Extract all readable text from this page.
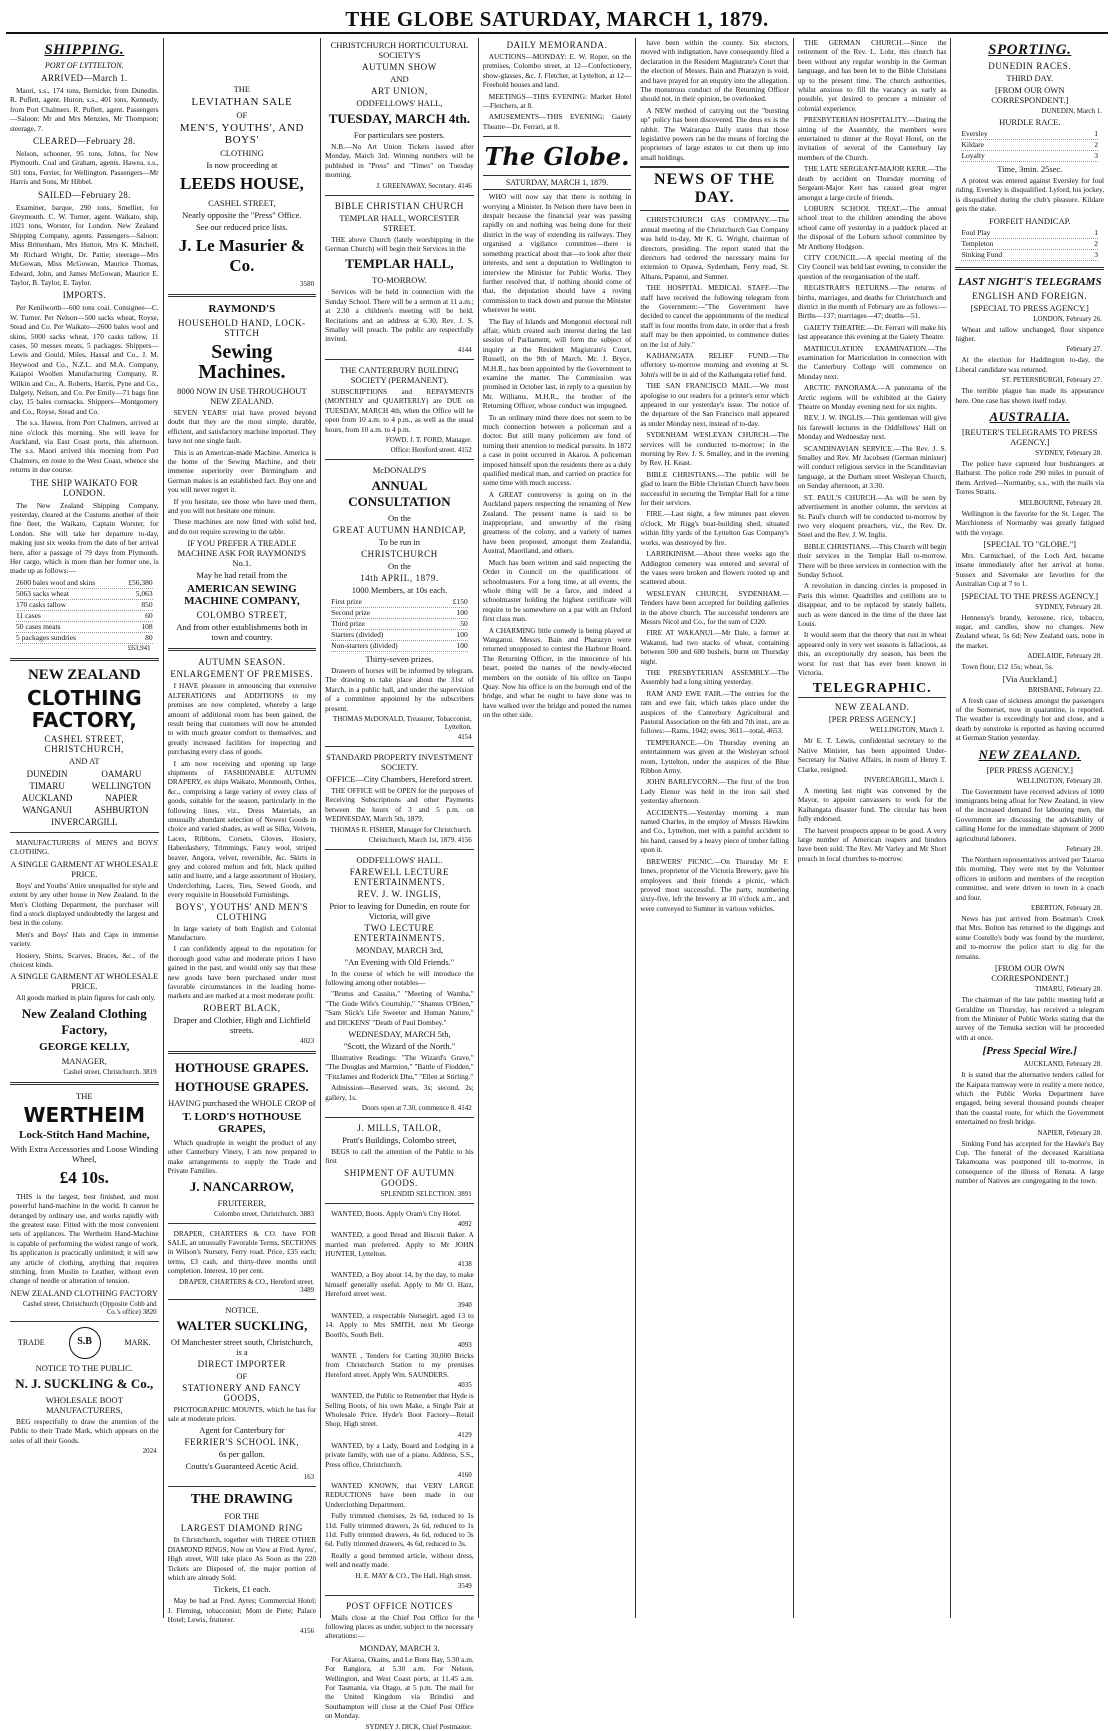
THE GLOBE SATURDAY, MARCH 1, 1879.
SHIPPING.
PORT OF LYTTELTON.
ARRIVED—March 1.

Maori, s.s., 174 tons, Bernicke, from Dunedin. R. Puflett, agent. Huron, s.s., 401 tons, Kennedy, from Port Chalmers. R. Puflett, agent. Passengers—Saloon: Mr and Mrs Menzies, Mr Thompson; steerage, 7.

CLEARED—February 28.

Nelson, schooner, 95 tons, Johns, for New Plymouth. Coal and Graham, agents. Hawea, s.s., 501 tons, Ferrier, for Wellington. Passengers—Mr Harris and Sons, Mr Hibbel.

SAILED—February 28.

Examiner, barque, 290 tons, Smellier, for Greymouth. C. W. Turner, agent. Waikato, ship, 1021 tons, Worster, for London. New Zealand Shipping Company, agents. Passengers—Saloon: Miss Brittenham, Mrs Hutton, Mrs K. Mitchell, Mr Richard Wright, Dr. Pattie; steerage—Mrs McGowan, Miss McGowan, Maurice Thomas, Edward, John, and James McGowan, Maurice E. Taylor, B. Taylor, E. Taylor.

IMPORTS.

Per Kenilworth—600 tons coal. Consignee—C. W. Turner. Per Nelson—500 sacks wheat, Royse, Stead and Co. Per Waikato—2600 bales wool and skins, 5000 sacks wheat, 170 casks tallow, 11 cases, 50 messes meats, 5 packages. Shippers—Lewis and Gould, Miles, Hassal and Co., J. M. Heywood and Co., N.Z.L. and M.A. Company, Kaiapoi Woollen Manufacturing Company, R. Wilkin and Co., A. Roberts, Harris, Pyne and Co., Dalgety, Nelson, and Co. Per Emily—71 bags fine clay, 15 bales cornsacks. Shippers—Montgomery and Co., Royse, Stead and Co.

The s.s. Hawea, from Port Chalmers, arrived at nine o'clock this morning. She will leave for Auckland, via East Coast ports, this afternoon. The s.s. Maori arrived this morning from Port Chalmers, en route to the West Coast, whence she returns in due course.

THE SHIP WAIKATO FOR LONDON.

The New Zealand Shipping Company, yesterday, cleared at the Customs another of their fine fleet, the Waikato, Captain Worster, for London. She will take her departure to-day, making just six weeks from the date of her arrival here, after a passage of 79 days from Plymouth. Her cargo, which is more than her former one, is made up as follows:—

2600 bales wool and skins	£56,380
5063 sacks wheat	5,063
170 casks tallow	850
11 cases	60
50 cases meats	108
5 packages sundries	80
£63,941
NEW ZEALAND
CLOTHING FACTORY,
CASHEL STREET, CHRISTCHURCH,
AND AT
DUNEDIN	OAMARU
TIMARU	WELLINGTON
AUCKLAND	NAPIER
WANGANUI	ASHBURTON
INVERCARGILL

MANUFACTURERS of MEN'S and BOYS' CLOTHING.

A SINGLE GARMENT AT WHOLESALE PRICE.

Boys' and Youths' Attire unequalled for style and extent by any other house in New Zealand. In the Men's Clothing Department, the purchaser will find a stock displayed undoubtedly the largest and best in the colony.

Men's and Boys' Hats and Caps in immense variety.

Hosiery, Shirts, Scarves, Braces, &c., of the choicest kinds.

A SINGLE GARMENT AT WHOLESALE PRICE.

All goods marked in plain figures for cash only.

New Zealand Clothing Factory,
GEORGE KELLY,
MANAGER,
Cashel street, Christchurch. 3819
THE
WERTHEIM
Lock-Stitch Hand Machine,
With Extra Accessories and Loose Winding Wheel,
£4 10s.

THIS is the largest, best finished, and most powerful hand-machine in the world. It cannot be deranged by ordinary use, and works rapidly with the greatest ease. Fitted with the most convenient sets of appliances. The Wertheim Hand-Machine is capable of performing the widest range of work. Its application is practically unlimited; it will sew any article of clothing, anything that requires stitching, from Muslin to Leather, without even change of needle or alteration of tension.

NEW ZEALAND CLOTHING FACTORY
Cashel street, Christchurch (Opposite Cobb and Co.'s office) 3820
TRADE	S.B	MARK.
NOTICE TO THE PUBLIC.
N. J. SUCKLING & Co.,
WHOLESALE BOOT MANUFACTURERS,

BEG respectfully to draw the attention of the Public to their Trade Mark, which appears on the soles of all their Goods.

2024
THE
LEVIATHAN SALE
OF
MEN'S, YOUTHS', AND BOYS'
CLOTHING
Is now proceeding at
LEEDS HOUSE,
CASHEL STREET,
Nearly opposite the "Press" Office.
See our reduced price lists.
J. Le Masurier & Co.
3580
RAYMOND'S
HOUSEHOLD HAND, LOCK-STITCH
Sewing Machines.
8000 NOW IN USE THROUGHOUT NEW ZEALAND.

SEVEN YEARS' trial have proved beyond doubt that they are the most simple, durable, efficient, and satisfactory machine imported. They have not one single fault.

This is an American-made Machine. America is the home of the Sewing Machine, and their immense superiority over Birmingham and German makes is an established fact. Buy one and you will never regret it.

If you hesitate, see those who have used them, and you will not hesitate one minute.

These machines are now fitted with solid bed, and do not require screwing to the table.

IF YOU PREFER A TREADLE MACHINE ASK FOR RAYMOND'S No.1.
May be had retail from the
AMERICAN SEWING MACHINE COMPANY,
COLOMBO STREET,
And from other establishments both in town and country.
AUTUMN SEASON.
ENLARGEMENT OF PREMISES.

I HAVE pleasure in announcing that extensive ALTERATIONS and ADDITIONS to my premises are now completed, whereby a large amount of additional room has been gained, the result being that customers will now be attended to with much greater comfort to themselves, and greatly increased facilities for inspecting and purchasing every class of goods.

I am now receiving and opening up large shipments of FASHIONABLE AUTUMN DRAPERY, ex ships Waikato, Monmouth, Orthes, &c., comprising a large variety of every class of goods, suitable for the season, particularly in the following lines, viz., Dress Materials, an unusually abundant selection of Newest Goods in choice and varied shades, as well as Silks, Velvets, Laces, Ribbons, Corsets, Gloves, Hosiery, Haberdashery, Trimmings, Fancy wool, striped beaver, Angora, velvet, reversible, &c. Skirts in grey and colored melton and felt, black quilted satin and lustre, and a large assortment of Hosiery, Underclothing, Laces, Ties, Sewed Goods, and every requisite in Household Furnishings.

BOYS', YOUTHS' AND MEN'S CLOTHING

In large variety of both English and Colonial Manufacture.

I can confidently appeal to the reputation for thorough good value and moderate prices I have gained in the past, and would only say that these new goods have been purchased under most favorable circumstances in the leading home-markets and are marked at a most moderate profit.

ROBERT BLACK,
Draper and Clothier, High and Lichfield streets.
4023
HOTHOUSE GRAPES.
HOTHOUSE GRAPES.
HAVING purchased the WHOLE CROP of
T. LORD'S HOTHOUSE GRAPES,

Which quadruple in weight the product of any other Canterbury Vinery, I am now prepared to make arrangements to supply the Trade and Private Families.

J. NANCARROW,
FRUITERER,
Colombo street, Christchurch. 3883

DRAPER, CHARTERS & CO. have FOR SALE, an unusually Favorable Terms, SECTIONS in Wilson's Nursery, Ferry road. Price, £35 each; terms, £3 cash, and thirty-three months until completion. Interest, 10 per cent.

DRAPER, CHARTERS & CO., Hereford street. 3489
NOTICE.
WALTER SUCKLING,
Of Manchester street south, Christchurch, is a
DIRECT IMPORTER
OF
STATIONERY AND FANCY GOODS,

PHOTOGRAPHIC MOUNTS, which he has for sale at moderate prices.

Agent for Canterbury for
FERRIER'S SCHOOL INK,
6s per gallon.
Coutts's Guaranteed Acetic Acid.
163
THE DRAWING
FOR THE
LARGEST DIAMOND RING

In Christchurch, together with THREE OTHER DIAMOND RINGS, Now on View at Fred. Ayres', High street, Will take place As Soon as the 220 Tickets are Disposed of, the major portion of which are already Sold.

Tickets, £1 each.

May be had at Fred. Ayres; Commercial Hotel; J. Fleming, tobacconist; Mont de Piete; Palace Hotel; Lewis, fruiterer.

4156
CHRISTCHURCH HORTICULTURAL SOCIETY'S
AUTUMN SHOW
AND
ART UNION,
ODDFELLOWS' HALL,
TUESDAY, MARCH 4th.
For particulars see posters.

N.B.—No Art Union Tickets issued after Monday, March 3rd. Winning numbers will be published in "Press" and "Times" on Tuesday morning.

J. GREENAWAY, Secretary. 4146
BIBLE CHRISTIAN CHURCH
TEMPLAR HALL, WORCESTER STREET.

THE above Church (lately worshipping in the German Church) will begin their Services in the

TEMPLAR HALL,
TO-MORROW.

Services will be held in connection with the Sunday School. There will be a sermon at 11 a.m.; at 2.30 a children's meeting will be held. Recitations and an address at 6.30, Rev. J. S. Smalley will preach. The public are respectfully invited.

4144
THE CANTERBURY BUILDING SOCIETY (PERMANENT).

SUBSCRIPTIONS and REPAYMENTS (MONTHLY and QUARTERLY) are DUE on TUESDAY, MARCH 4th, when the Office will be open from 10 a.m. to 4 p.m., as well as the usual hours, from 10 a.m. to 4 p.m.

FOWD. J. T. FORD, Manager.
Office: Hereford street. 4152
McDONALD'S
ANNUAL CONSULTATION
On the
GREAT AUTUMN HANDICAP,
To be run in
CHRISTCHURCH
On the
14th APRIL, 1879.
1000 Members, at 10s each.
First prize	£150
Second prize	100
Third prize	50
Starters (divided)	100
Non-starters (divided)	100
Thirty-seven prizes.

Drawers of horses will be informed by telegram. The drawing to take place about the 31st of March, in a public hall, and under the supervision of a committee appointed by the subscribers present.

THOMAS McDONALD, Treasurer, Tobacconist, Lyttelton.
4154
STANDARD PROPERTY INVESTMENT SOCIETY.
OFFICE—City Chambers, Hereford street.

THE OFFICE will be OPEN for the purposes of Receiving Subscriptions and other Payments between the hours of 3 and 5 p.m. on WEDNESDAY, March 5th, 1879.

THOMAS R. FISHER, Manager for Christchurch.
Christchurch, March 1st, 1879. 4156
ODDFELLOWS' HALL.
FAREWELL LECTURE ENTERTAINMENTS.
REV. J. W. INGLIS,
Prior to leaving for Dunedin, en route for Victoria, will give
TWO LECTURE ENTERTAINMENTS.
MONDAY, MARCH 3rd,
"An Evening with Old Friends."

In the course of which he will introduce the following among other notables—

"Brutus and Cassius," "Meeting of Wamba," "The Gude Wife's Courtship," "Shamus O'Brien," "Sam Slick's Life Sweeter and Human Nature," and DICKENS' "Death of Paul Dombey."

WEDNESDAY, MARCH 5th,
"Scott, the Wizard of the North."

Illustrative Readings: "The Wizard's Grave," "The Douglas and Marmion," "Battle of Flodden," "FitzJames and Roderick Dhu," "Ellen at Stirling."

Admission—Reserved seats, 3s; second, 2s; gallery, 1s.

Doors open at 7.30, commence 8. 4142
J. MILLS, TAILOR,
Pratt's Buildings, Colombo street,

BEGS to call the attention of the Public to his first

SHIPMENT OF AUTUMN GOODS.
SPLENDID SELECTION. 3891

WANTED, Boots. Apply Oram's City Hotel.

4092

WANTED, a good Bread and Biscuit Baker. A married man preferred. Apply to Mr JOHN HUNTER, Lyttelton.

4138

WANTED, a Boy about 14, by the day, to make himself generally useful. Apply to Mr O. Harz, Hereford street west.

3940

WANTED, a respectable Nursegirl, aged 13 to 14. Apply to Mrs SMITH, next Mr George Booth's, South Belt.

4093

WANTE , Tenders for Carting 30,000 Bricks from Christchurch Station to my premises Hereford street. Apply Wm. SAUNDERS.

4035

WANTED, the Public to Remember that Hyde is Selling Boots, of his own Make, a Single Pair at Wholesale Price. Hyde's Boot Factory—Retail Shop, High street.

4129

WANTED, by a Lady, Board and Lodging in a private family, with use of a piano. Address, S.S., Press office, Christchurch.

4160

WANTED KNOWN, that VERY LARGE REDUCTIONS have been made in our Underclothing Department.

Fully trimmed chemises, 2s 6d, reduced to 1s 11d. Fully trimmed drawers, 2s 6d, reduced to 1s 11d. Fully trimmed drawers, 4s 6d, reduced to 3s 6d. Fully trimmed drawers, 4s 6d, reduced to 3s.

Really a good hemmed article, without dress, well and neatly made.

H. E. MAY & CO., The Hall, High street.
3549
POST OFFICE NOTICES

Mails close at the Chief Post Office for the following places as under, subject to the necessary alterations:—

MONDAY, MARCH 3.

For Akaroa, Okains, and Le Bons Bay, 5.30 a.m. For Rangiora, at 5.30 a.m. For Nelson, Wellington, and West Coast ports, at 11.45 a.m. For Tasmania, via Otago, at 5 p.m. The mail for the United Kingdom via Brindisi and Southampton will close at the Chief Post Office on Monday.

SYDNEY J. DICK, Chief Postmaster.
DAILY MEMORANDA.

AUCTIONS—MONDAY: E. W. Roper, on the premises, Colombo street, at 12—Confectionery, show-glasses, &c. J. Fletcher, at Lyttelton, at 12—Freehold houses and land.

MEETINGS—THIS EVENING: Market Hotel—Fletchers, at 8.

AMUSEMENTS—THIS EVENING: Gaiety Theatre—Dr. Ferrari, at 8.

The Globe.
SATURDAY, MARCH 1, 1879.

WHO will now say that there is nothing in worrying a Minister. In Nelson there have been in despair because the financial year was passing rapidly on and nothing was being done for their district in the way of extending its railways. They organised a vigilance committee—there is something practical about that—to look after their interests, and sent a deputation to Wellington to interview the Minister for Public Works. They further resolved that, if nothing should come of that, the deputation should have a roving commission to track down and pursue the Minister wherever he went.

The Bay of Islands and Mongonui electoral roll affair, which created such interest during the last session of Parliament, will form the subject of inquiry at the Resident Magistrate's Court, Russell, on the 9th of March. Mr. J. Bryce, M.H.R., has been appointed by the Government to examine the matter. The Commission was promised in October last, in reply to a question by Mr. Williams, M.H.R., the brother of the Returning Officer, whose conduct was impugned.

To an ordinary mind there does not seem to be much connection between a policeman and a doctor. But still many policemen are fond of turning their attention to medical pursuits. In 1872 a case in point occurred in Akaroa. A policeman imposed himself upon the residents there as a duly qualified medical man, and carried on practice for some time with much success.

A GREAT controversy is going on in the Auckland papers respecting the renaming of New Zealand. The present name is said to be inappropriate, and unworthy of the rising greatness of the colony, and a variety of names have been proposed, amongst them Zealandia, Austral, Maoriland, and others.

Much has been written and said respecting the Order in Council on the qualifications of schoolmasters. For a long time, at all events, the whole thing will be a farce, and indeed a schoolmaster holding the highest certificate will require to be somewhere on a par with an Oxford first class man.

A CHARMING little comedy is being played at Wanganui. Messrs. Bain and Pharazyn were returned unopposed to contest the Harbour Board. The Returning Officer, in the innocence of his heart, posted the names of the newly-elected members on the outside of his office on Taupo Quay. Now his office is on the borough end of the bridge, and what he ought to have done was to have walked over the bridge and posted the names on the other side.

have been within the county. Six electors, moved with indignation, have consequently filed a declaration in the Resident Magistrate's Court that the election of Messrs. Bain and Pharazyn is void, and have prayed for an enquiry into the allegation. The monstrous conduct of the Returning Officer should not, in their opinion, be overlooked.

A NEW method of carrying out the "bursting up" policy has been discovered. The deus ex is the rabbit. The Wairarapa Daily states that those legislative powers can be the means of forcing the proprietors of large estates to cut them up into small holdings.

NEWS OF THE DAY.

CHRISTCHURCH GAS COMPANY.—The annual meeting of the Christchurch Gas Company was held to-day, Mr K. G. Wright, chairman of directors, presiding. The report stated that the directors had ordered the necessary mains for extension to Opawa, Sydenham, Ferry road, St. Albans, Papanui, and Sumner.

THE HOSPITAL MEDICAL STAFF.—The staff have received the following telegram from the Government:—"The Government have decided to cancel the appointments of the medical staff in four months from date, in order that a fresh staff may be then appointed, to commence duties on the 1st of July."

KAIHANGATA RELIEF FUND.—The offertory to-morrow morning and evening at St. John's will be in aid of the Kaihangata relief fund.

THE SAN FRANCISCO MAIL.—We must apologise to our readers for a printer's error which appeared in our yesterday's issue. The notice of the departure of the San Francisco mail appeared as under Monday next, instead of to-day.

SYDENHAM WESLEYAN CHURCH.—The services will be conducted to-morrow; in the morning by Rev. J. S. Smalley, and in the evening by Rev. H. Keast.

BIBLE CHRISTIANS.—The public will be glad to learn the Bible Christian Church have been successful in securing the Templar Hall for a time for their services.

FIRE.—Last night, a few minutes past eleven o'clock, Mr Rigg's boat-building shed, situated within fifty yards of the Lyttelton Gas Company's works, was destroyed by fire.

LARRIKINISM.—About three weeks ago the Addington cemetery was entered and several of the vases were broken and flowers rooted up and scattered about.

WESLEYAN CHURCH, SYDENHAM.—Tenders have been accepted for building galleries in the above church. The successful tenderers are Messrs Nicol and Co., for the sum of £320.

FIRE AT WAKANUI.—Mr Dale, a farmer at Wakanui, had two stacks of wheat, containing between 500 and 600 bushels, burnt on Thursday night.

THE PRESBYTERIAN ASSEMBLY.—The Assembly had a long sitting yesterday.

RAM AND EWE FAIR.—The entries for the ram and ewe fair, which takes place under the auspices of the Canterbury Agricultural and Pastoral Association on the 6th and 7th inst., are as follows:—Rams, 1042; ewes, 3611—total, 4653.

TEMPERANCE.—On Thursday evening an entertainment was given at the Wesleyan school room, Lyttelton, under the auspices of the Blue Ribbon Army.

JOHN BARLEYCORN.—The first of the Iron Lady Elenor was held in the iron sail shed yesterday afternoon.

ACCIDENTS.—Yesterday morning a man named Charles, in the employ of Messrs Hawkins and Co., Lyttelton, met with a painful accident to his hand, caused by a heavy piece of timber falling upon it.

BREWERS' PICNIC.—On Thursday Mr F. Innes, proprietor of the Victoria Brewery, gave his employees and their friends a picnic, which proved most successful. The party, numbering sixty-five, left the brewery at 10 o'clock a.m., and were conveyed to Sumner in various vehicles.

THE GERMAN CHURCH.—Since the retirement of the Rev. L. Lohr, this church has been without any regular worship in the German language, and has been let to the Bible Christians up to the present time. The church authorities, whilst anxious to fill the vacancy as early as possible, yet desired to procure a minister of colonial experience.

PRESBYTERIAN HOSPITALITY.—During the sitting of the Assembly, the members were entertained to dinner at the Royal Hotel, on the invitation of several of the Canterbury lay members of the Church.

THE LATE SERGEANT-MAJOR KERR.—The death by accident on Thursday morning of Sergeant-Major Kerr has caused great regret amongst a large circle of friends.

LOBURN SCHOOL TREAT.—The annual school treat to the children attending the above school came off yesterday in a paddock placed at the disposal of the Loburn school committee by Mr Anthony Hodgson.

CITY COUNCIL.—A special meeting of the City Council was held last evening, to consider the question of the reorganisation of the staff.

REGISTRAR'S RETURNS.—The returns of births, marriages, and deaths for Christchurch and district in the month of February are as follows:—Births—137; marriages—47; deaths—51.

GAIETY THEATRE.—Dr. Ferrari will make his last appearance this evening at the Gaiety Theatre.

MATRICULATION EXAMINATION.—The examination for Matriculation in connection with the Canterbury College will commence on Monday next.

ARCTIC PANORAMA.—A panorama of the Arctic regions will be exhibited at the Gaiety Theatre on Monday evening next for six nights.

REV. J. W. INGLIS.—This gentleman will give his farewell lectures in the Oddfellows' Hall on Monday and Wednesday next.

SCANDINAVIAN SERVICE.—The Rev. J. S. Smalley and Rev. Mr Jacobsen (German minister) will conduct religious service in the Scandinavian language, at the Durham street Wesleyan Church, on Sunday afternoon, at 3.30.

ST. PAUL'S CHURCH.—As will be seen by advertisement in another column, the services at St. Paul's church will be conducted to-morrow by two very eloquent preachers, viz., the Rev. Dr. Steel and the Rev. J. W. Inglis.

BIBLE CHRISTIANS.—This Church will begin their services in the Templar Hall to-morrow. There will be three services in connection with the Sunday School.

A revolution in dancing circles is proposed in Paris this winter. Quadrilles and cotillons are to disappear, and to be replaced by stately ballets, such as were danced in the time of the three last Louis.

It would seem that the theory that rust in wheat appeared only in very wet seasons is fallacious, as this, an exceptionally dry season, has been the worst for rust that has ever been known in Victoria.

TELEGRAPHIC.
NEW ZEALAND.
[PER PRESS AGENCY.]
WELLINGTON, March 1.

Mr E. T. Lewis, confidential secretary to the Native Minister, has been appointed Under-Secretary for Native Affairs, in room of Henry T. Clarke, resigned.

INVERCARGILL, March 1.

A meeting last night was convened by the Mayor, to appoint canvassers to work for the Kaihangata disaster fund. The circular has been fully endorsed.

The harvest prospects appear to be good. A very large number of American reapers and binders have been sold. The Rev. Mr Varley and Mr Short preach in local churches to-morrow.

SPORTING.
DUNEDIN RACES.
THIRD DAY.
[FROM OUR OWN CORRESPONDENT.]
DUNEDIN, March 1.
HURDLE RACE.
Eversley	1
Kildare	2
Loyalty	3
Time, 3min. 25sec.

A protest was entered against Eversley for foul riding. Eversley is disqualified. Lyford, his jockey, is disqualified during the club's pleasure. Kildare gets the stake.

FORFEIT HANDICAP.
Foul Play	1
Templeton	2
Sinking Fund	3
LAST NIGHT'S TELEGRAMS
ENGLISH AND FOREIGN.
[SPECIAL TO PRESS AGENCY.]
LONDON, February 26.

Wheat and tallow unchanged, flour sixpence higher.

February 27.

At the election for Haddington to-day, the Liberal candidate was returned.

ST. PETERSBURGH, February 27.

The terrible plague has made its appearance here. One case has shown itself today.

AUSTRALIA.
[REUTER'S TELEGRAMS TO PRESS AGENCY.]
SYDNEY, February 28.

The police have captured four bushrangers at Bathurst. The police rode 290 miles in pursuit of them. Arrived—Normanby, s.s., with the mails via Torres Straits.

MELBOURNE, February 28.

Wellington is the favorite for the St. Leger. The Marchioness of Normanby was greatly fatigued with the voyage.

[SPECIAL TO "GLOBE."]

Mrs. Carmichael, of the Loch Ard, became insane immediately after her arrival at home. Sussex and Savernake are favorites for the Australian Cup at 7 to 1.

[SPECIAL TO THE PRESS AGENCY.]
SYDNEY, February 28.

Hennessy's brandy, kerosene, rice, tobacco, sugar, and candles, show no changes. New Zealand wheat, 5s 6d; New Zealand oats, none in the market.

ADELAIDE, February 28.

Town flour, £12 15s; wheat, 5s.

[Via Auckland.]
BRISBANE, February 22.

A fresh case of sickness amongst the passengers of the Somerset, now in quarantine, is reported. The weather is exceedingly hot and close, and a death by sunstroke is reported as having occurred at German Station yesterday.

NEW ZEALAND.
[PER PRESS AGENCY.]
WELLINGTON, February 28.

The Government have received advices of 1000 immigrants being afloat for New Zealand, in view of the increased demand for labouring men, the Government are discussing the advisability of calling Home for the immediate shipment of 2000 agricultural laborers.

February 28.

The Northern representatives arrived per Taiaroa this morning. They were met by the Volunteer officers in uniform and members of the reception committee, and were driven to town in a coach and four.

EBERTON, February 28.

News has just arrived from Boatman's Creek that Mrs. Bolton has returned to the diggings and some Costello's body was found by the murderer, and to-morrow the police start to dig for the remains.

[FROM OUR OWN CORRESPONDENT.]
TIMARU, February 28.

The chairman of the late public meeting held at Geraldine on Thursday, has received a telegram from the Minister of Public Works stating that the survey of the Temuka section will be proceeded with at once.

[Press Special Wire.]
AUCKLAND, February 28.

It is stated that the alternative tenders called for the Kaipara tramway were in reality a mere notice, which the Public Works Department have engaged, being several thousand pounds cheaper than the coastal route, for which the Government entertained no fresh bridge.

NAPIER, February 28.

Sinking Fund has accepted for the Hawke's Bay Cup. The funeral of the deceased Karaitiana Takamoana was postponed till to-morrow, in consequence of the illness of Renata. A large number of Natives are congregating in the town.
